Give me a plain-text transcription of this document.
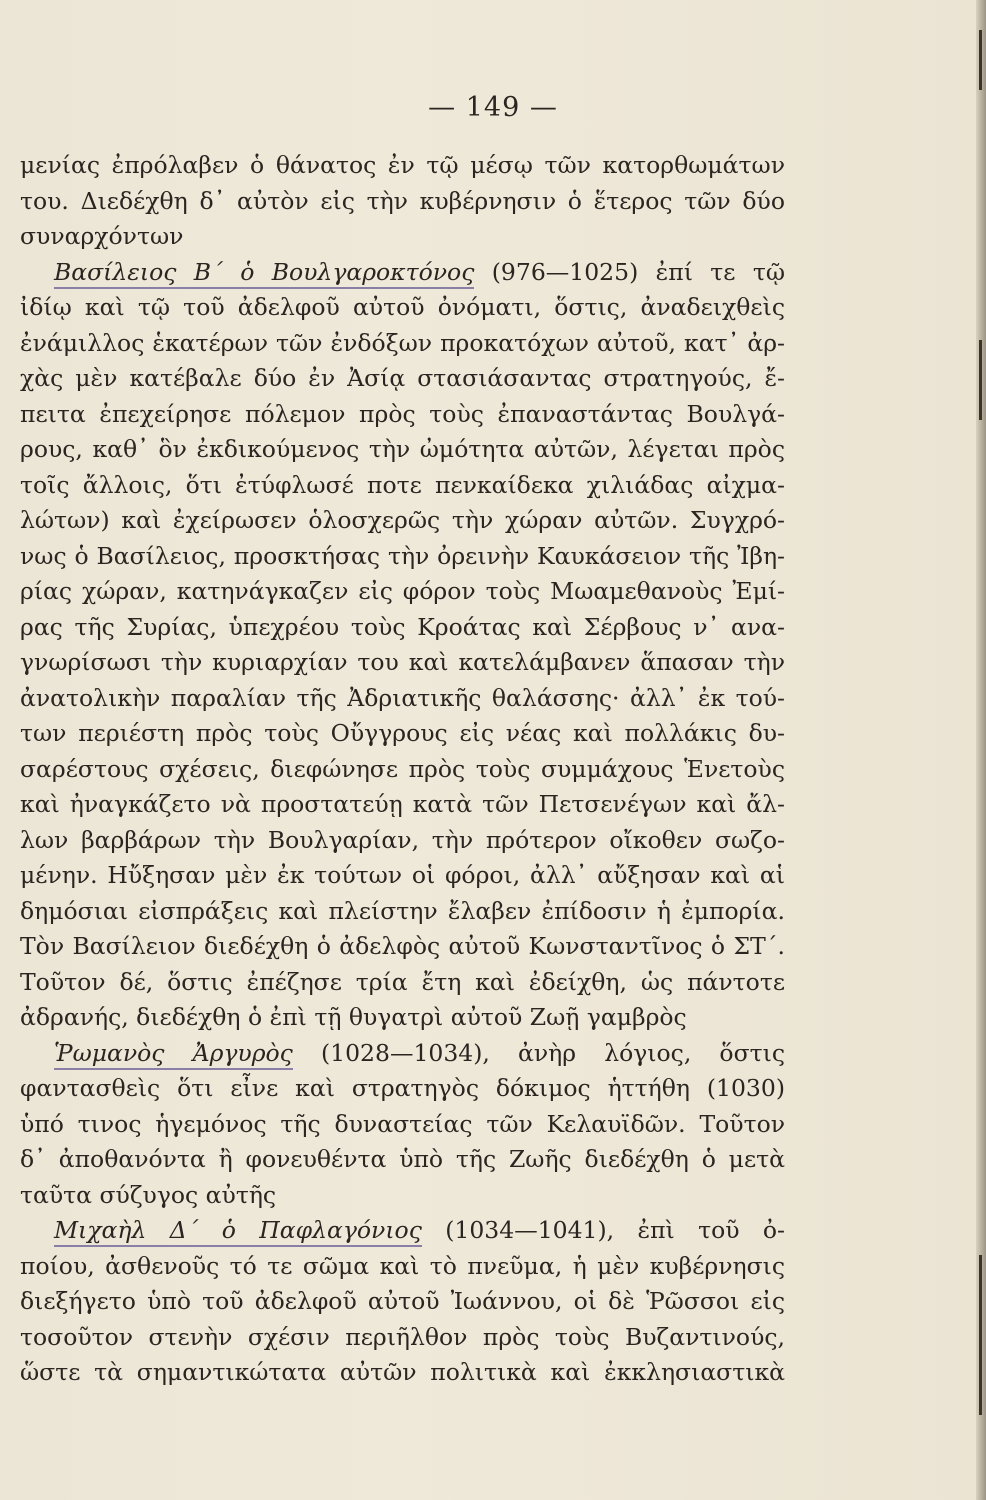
— 149 —
μενίας ἐπρόλαβεν ὁ θάνατος ἐν τῷ μέσῳ τῶν κατορθωμάτων
του. Διεδέχθη δ᾽ αὐτὸν εἰς τὴν κυβέρνησιν ὁ ἕτερος τῶν δύο
συναρχόντων
Βασίλειος Β΄ ὁ Βουλγαροκτόνος (976—1025) ἐπί τε τῷ
ἰδίῳ καὶ τῷ τοῦ ἀδελφοῦ αὐτοῦ ὀνόματι, ὅστις, ἀναδειχθεὶς
ἐνάμιλλος ἑκατέρων τῶν ἐνδόξων προκατόχων αὐτοῦ, κατ᾽ ἀρ-
χὰς μὲν κατέβαλε δύο ἐν Ἀσίᾳ στασιάσαντας στρατηγούς, ἔ-
πειτα ἐπεχείρησε πόλεμον πρὸς τοὺς ἐπαναστάντας Βουλγά-
ρους, καθ᾽ ὃν ἐκδικούμενος τὴν ὠμότητα αὐτῶν, λέγεται πρὸς
τοῖς ἄλλοις, ὅτι ἐτύφλωσέ ποτε πενκαίδεκα χιλιάδας αἰχμα-
λώτων) καὶ ἐχείρωσεν ὁλοσχερῶς τὴν χώραν αὐτῶν. Συγχρό-
νως ὁ Βασίλειος, προσκτήσας τὴν ὀρεινὴν Καυκάσειον τῆς Ἰβη-
ρίας χώραν, κατηνάγκαζεν εἰς φόρον τοὺς Μωαμεθανοὺς Ἐμί-
ρας τῆς Συρίας, ὑπεχρέου τοὺς Κροάτας καὶ Σέρβους ν᾽ ανα-
γνωρίσωσι τὴν κυριαρχίαν του καὶ κατελάμβανεν ἅπασαν τὴν
ἀνατολικὴν παραλίαν τῆς Ἀδριατικῆς θαλάσσης· ἀλλ᾽ ἐκ τού-
των περιέστη πρὸς τοὺς Οὔγγρους εἰς νέας καὶ πολλάκις δυ-
σαρέστους σχέσεις, διεφώνησε πρὸς τοὺς συμμάχους Ἑνετοὺς
καὶ ἠναγκάζετο νὰ προστατεύῃ κατὰ τῶν Πετσενέγων καὶ ἄλ-
λων βαρβάρων τὴν Βουλγαρίαν, τὴν πρότερον οἴκοθεν σωζο-
μένην. Ηὔξησαν μὲν ἐκ τούτων οἱ φόροι, ἀλλ᾽ αὔξησαν καὶ αἱ
δημόσιαι εἰσπράξεις καὶ πλείστην ἔλαβεν ἐπίδοσιν ἡ ἐμπορία.
Τὸν Βασίλειον διεδέχθη ὁ ἀδελφὸς αὐτοῦ Κωνσταντῖνος ὁ ΣΤ΄.
Τοῦτον δέ, ὅστις ἐπέζησε τρία ἔτη καὶ ἐδείχθη, ὡς πάντοτε
ἀδρανής, διεδέχθη ὁ ἐπὶ τῇ θυγατρὶ αὐτοῦ Ζωῇ γαμβρὸς
Ῥωμανὸς Ἀργυρὸς (1028—1034), ἀνὴρ λόγιος, ὅστις
φαντασθεὶς ὅτι εἶνε καὶ στρατηγὸς δόκιμος ἡττήθη (1030)
ὑπό τινος ἡγεμόνος τῆς δυναστείας τῶν Κελαυϊδῶν. Τοῦτον
δ᾽ ἀποθανόντα ἢ φονευθέντα ὑπὸ τῆς Ζωῆς διεδέχθη ὁ μετὰ
ταῦτα σύζυγος αὐτῆς
Μιχαὴλ Δ΄ ὁ Παφλαγόνιος (1034—1041), ἐπὶ τοῦ ὀ-
ποίου, ἀσθενοῦς τό τε σῶμα καὶ τὸ πνεῦμα, ἡ μὲν κυβέρνησις
διεξήγετο ὑπὸ τοῦ ἀδελφοῦ αὐτοῦ Ἰωάννου, οἱ δὲ Ῥῶσσοι εἰς
τοσοῦτον στενὴν σχέσιν περιῆλθον πρὸς τοὺς Βυζαντινούς,
ὥστε τὰ σημαντικώτατα αὐτῶν πολιτικὰ καὶ ἐκκλησιαστικὰ
